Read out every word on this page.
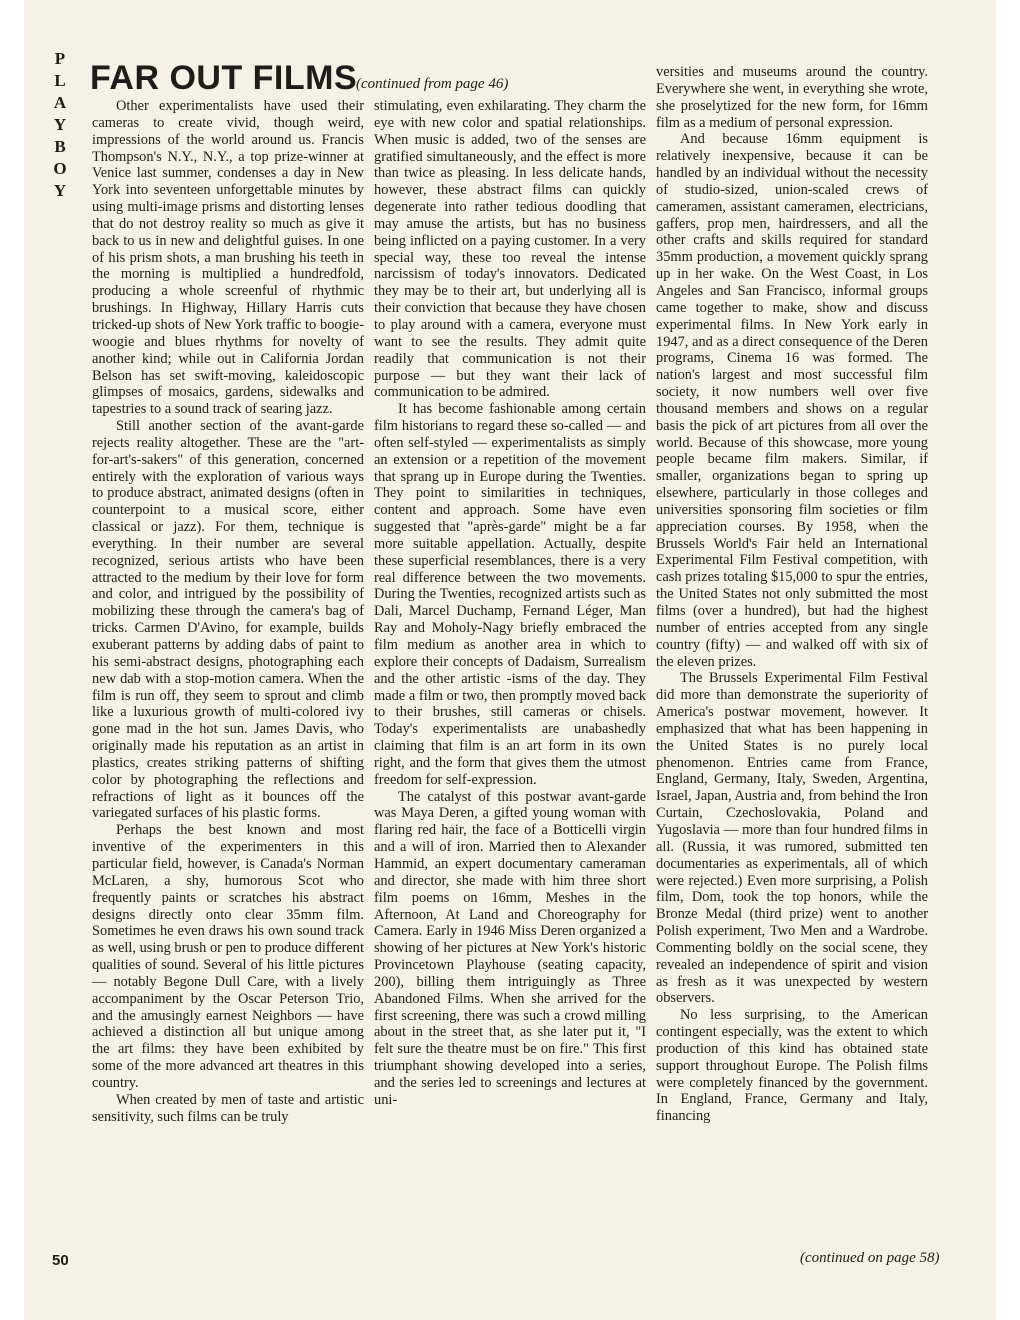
P
L
A
Y
B
O
Y
FAR OUT FILMS
(continued from page 46)

Other experimentalists have used their cameras to create vivid, though weird, impressions of the world around us. Francis Thompson's N.Y., N.Y., a top prize-winner at Venice last summer, condenses a day in New York into seventeen unforgettable minutes by using multi-image prisms and distorting lenses that do not destroy reality so much as give it back to us in new and delightful guises. In one of his prism shots, a man brushing his teeth in the morning is multiplied a hundredfold, producing a whole screenful of rhythmic brushings. In Highway, Hillary Harris cuts tricked-up shots of New York traffic to boogie-woogie and blues rhythms for novelty of another kind; while out in California Jordan Belson has set swift-moving, kaleidoscopic glimpses of mosaics, gardens, sidewalks and tapestries to a sound track of searing jazz.

Still another section of the avant-garde rejects reality altogether. These are the "art-for-art's-sakers" of this generation, concerned entirely with the exploration of various ways to produce abstract, animated designs (often in counterpoint to a musical score, either classical or jazz). For them, technique is everything. In their number are several recognized, serious artists who have been attracted to the medium by their love for form and color, and intrigued by the possibility of mobilizing these through the camera's bag of tricks. Carmen D'Avino, for example, builds exuberant patterns by adding dabs of paint to his semi-abstract designs, photographing each new dab with a stop-motion camera. When the film is run off, they seem to sprout and climb like a luxurious growth of multi-colored ivy gone mad in the hot sun. James Davis, who originally made his reputation as an artist in plastics, creates striking patterns of shifting color by photographing the reflections and refractions of light as it bounces off the variegated surfaces of his plastic forms.

Perhaps the best known and most inventive of the experimenters in this particular field, however, is Canada's Norman McLaren, a shy, humorous Scot who frequently paints or scratches his abstract designs directly onto clear 35mm film. Sometimes he even draws his own sound track as well, using brush or pen to produce different qualities of sound. Several of his little pictures — notably Begone Dull Care, with a lively accompaniment by the Oscar Peterson Trio, and the amusingly earnest Neighbors — have achieved a distinction all but unique among the art films: they have been exhibited by some of the more advanced art theatres in this country.

When created by men of taste and artistic sensitivity, such films can be truly

stimulating, even exhilarating. They charm the eye with new color and spatial relationships. When music is added, two of the senses are gratified simultaneously, and the effect is more than twice as pleasing. In less delicate hands, however, these abstract films can quickly degenerate into rather tedious doodling that may amuse the artists, but has no business being inflicted on a paying customer. In a very special way, these too reveal the intense narcissism of today's innovators. Dedicated they may be to their art, but underlying all is their conviction that because they have chosen to play around with a camera, everyone must want to see the results. They admit quite readily that communication is not their purpose — but they want their lack of communication to be admired.

It has become fashionable among certain film historians to regard these so-called — and often self-styled — experimentalists as simply an extension or a repetition of the movement that sprang up in Europe during the Twenties. They point to similarities in techniques, content and approach. Some have even suggested that "après-garde" might be a far more suitable appellation. Actually, despite these superficial resemblances, there is a very real difference between the two movements. During the Twenties, recognized artists such as Dali, Marcel Duchamp, Fernand Léger, Man Ray and Moholy-Nagy briefly embraced the film medium as another area in which to explore their concepts of Dadaism, Surrealism and the other artistic -isms of the day. They made a film or two, then promptly moved back to their brushes, still cameras or chisels. Today's experimentalists are unabashedly claiming that film is an art form in its own right, and the form that gives them the utmost freedom for self-expression.

The catalyst of this postwar avant-garde was Maya Deren, a gifted young woman with flaring red hair, the face of a Botticelli virgin and a will of iron. Married then to Alexander Hammid, an expert documentary cameraman and director, she made with him three short film poems on 16mm, Meshes in the Afternoon, At Land and Choreography for Camera. Early in 1946 Miss Deren organized a showing of her pictures at New York's historic Provincetown Playhouse (seating capacity, 200), billing them intriguingly as Three Abandoned Films. When she arrived for the first screening, there was such a crowd milling about in the street that, as she later put it, "I felt sure the theatre must be on fire." This first triumphant showing developed into a series, and the series led to screenings and lectures at uni-

versities and museums around the country. Everywhere she went, in everything she wrote, she proselytized for the new form, for 16mm film as a medium of personal expression.

And because 16mm equipment is relatively inexpensive, because it can be handled by an individual without the necessity of studio-sized, union-scaled crews of cameramen, assistant cameramen, electricians, gaffers, prop men, hairdressers, and all the other crafts and skills required for standard 35mm production, a movement quickly sprang up in her wake. On the West Coast, in Los Angeles and San Francisco, informal groups came together to make, show and discuss experimental films. In New York early in 1947, and as a direct consequence of the Deren programs, Cinema 16 was formed. The nation's largest and most successful film society, it now numbers well over five thousand members and shows on a regular basis the pick of art pictures from all over the world. Because of this showcase, more young people became film makers. Similar, if smaller, organizations began to spring up elsewhere, particularly in those colleges and universities sponsoring film societies or film appreciation courses. By 1958, when the Brussels World's Fair held an International Experimental Film Festival competition, with cash prizes totaling $15,000 to spur the entries, the United States not only submitted the most films (over a hundred), but had the highest number of entries accepted from any single country (fifty) — and walked off with six of the eleven prizes.

The Brussels Experimental Film Festival did more than demonstrate the superiority of America's postwar movement, however. It emphasized that what has been happening in the United States is no purely local phenomenon. Entries came from France, England, Germany, Italy, Sweden, Argentina, Israel, Japan, Austria and, from behind the Iron Curtain, Czechoslovakia, Poland and Yugoslavia — more than four hundred films in all. (Russia, it was rumored, submitted ten documentaries as experimentals, all of which were rejected.) Even more surprising, a Polish film, Dom, took the top honors, while the Bronze Medal (third prize) went to another Polish experiment, Two Men and a Wardrobe. Commenting boldly on the social scene, they revealed an independence of spirit and vision as fresh as it was unexpected by western observers.

No less surprising, to the American contingent especially, was the extent to which production of this kind has obtained state support throughout Europe. The Polish films were completely financed by the government. In England, France, Germany and Italy, financing

50	(continued on page 58)
